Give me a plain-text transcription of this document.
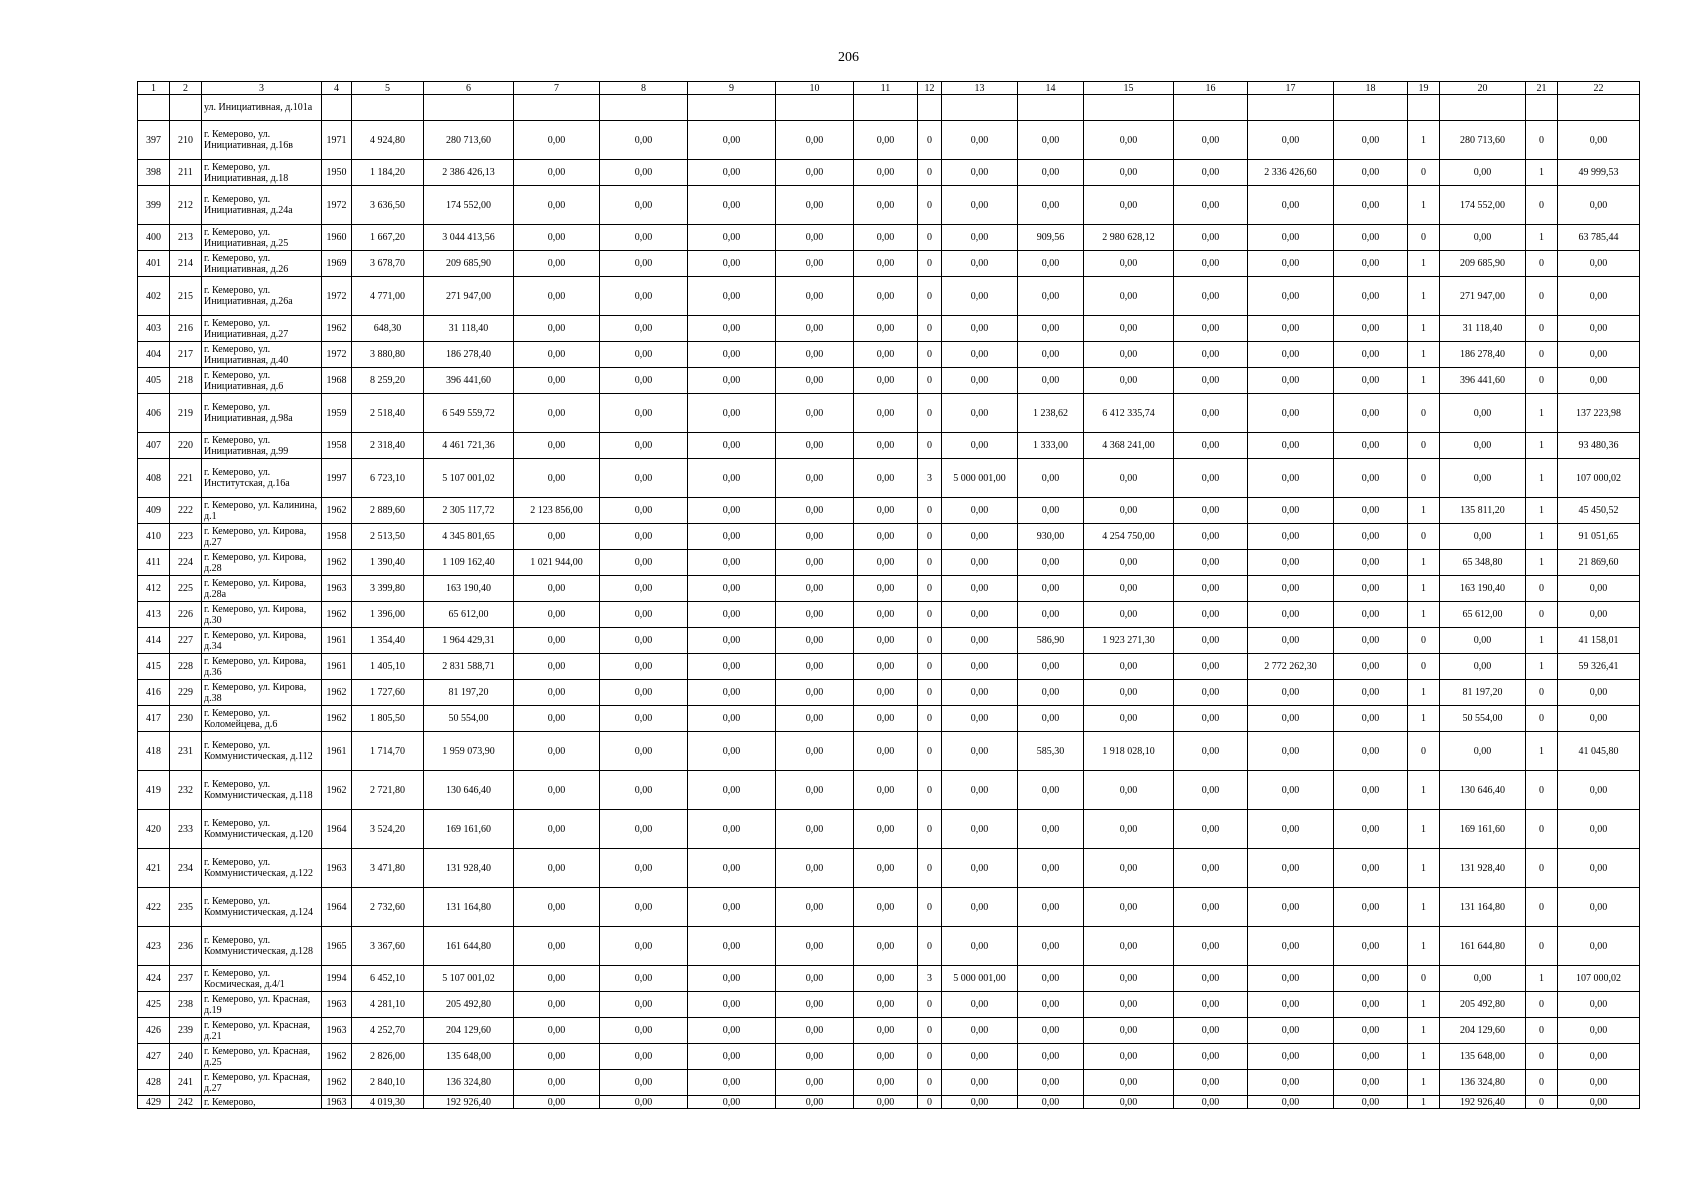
206
1	2	3	4	5	6	7	8	9	10	11	12	13	14	15	16	17	18	19	20	21	22
		ул. Инициативная, д.101а																			
397	210	г. Кемерово, ул. Инициативная, д.16в	1971	4 924,80	280 713,60	0,00	0,00	0,00	0,00	0,00	0	0,00	0,00	0,00	0,00	0,00	0,00	1	280 713,60	0	0,00
398	211	г. Кемерово, ул. Инициативная, д.18	1950	1 184,20	2 386 426,13	0,00	0,00	0,00	0,00	0,00	0	0,00	0,00	0,00	0,00	2 336 426,60	0,00	0	0,00	1	49 999,53
399	212	г. Кемерово, ул. Инициативная, д.24а	1972	3 636,50	174 552,00	0,00	0,00	0,00	0,00	0,00	0	0,00	0,00	0,00	0,00	0,00	0,00	1	174 552,00	0	0,00
400	213	г. Кемерово, ул. Инициативная, д.25	1960	1 667,20	3 044 413,56	0,00	0,00	0,00	0,00	0,00	0	0,00	909,56	2 980 628,12	0,00	0,00	0,00	0	0,00	1	63 785,44
401	214	г. Кемерово, ул. Инициативная, д.26	1969	3 678,70	209 685,90	0,00	0,00	0,00	0,00	0,00	0	0,00	0,00	0,00	0,00	0,00	0,00	1	209 685,90	0	0,00
402	215	г. Кемерово, ул. Инициативная, д.26а	1972	4 771,00	271 947,00	0,00	0,00	0,00	0,00	0,00	0	0,00	0,00	0,00	0,00	0,00	0,00	1	271 947,00	0	0,00
403	216	г. Кемерово, ул. Инициативная, д.27	1962	648,30	31 118,40	0,00	0,00	0,00	0,00	0,00	0	0,00	0,00	0,00	0,00	0,00	0,00	1	31 118,40	0	0,00
404	217	г. Кемерово, ул. Инициативная, д.40	1972	3 880,80	186 278,40	0,00	0,00	0,00	0,00	0,00	0	0,00	0,00	0,00	0,00	0,00	0,00	1	186 278,40	0	0,00
405	218	г. Кемерово, ул. Инициативная, д.6	1968	8 259,20	396 441,60	0,00	0,00	0,00	0,00	0,00	0	0,00	0,00	0,00	0,00	0,00	0,00	1	396 441,60	0	0,00
406	219	г. Кемерово, ул. Инициативная, д.98а	1959	2 518,40	6 549 559,72	0,00	0,00	0,00	0,00	0,00	0	0,00	1 238,62	6 412 335,74	0,00	0,00	0,00	0	0,00	1	137 223,98
407	220	г. Кемерово, ул. Инициативная, д.99	1958	2 318,40	4 461 721,36	0,00	0,00	0,00	0,00	0,00	0	0,00	1 333,00	4 368 241,00	0,00	0,00	0,00	0	0,00	1	93 480,36
408	221	г. Кемерово, ул. Институтская, д.16а	1997	6 723,10	5 107 001,02	0,00	0,00	0,00	0,00	0,00	3	5 000 001,00	0,00	0,00	0,00	0,00	0,00	0	0,00	1	107 000,02
409	222	г. Кемерово, ул. Калинина, д.1	1962	2 889,60	2 305 117,72	2 123 856,00	0,00	0,00	0,00	0,00	0	0,00	0,00	0,00	0,00	0,00	0,00	1	135 811,20	1	45 450,52
410	223	г. Кемерово, ул. Кирова, д.27	1958	2 513,50	4 345 801,65	0,00	0,00	0,00	0,00	0,00	0	0,00	930,00	4 254 750,00	0,00	0,00	0,00	0	0,00	1	91 051,65
411	224	г. Кемерово, ул. Кирова, д.28	1962	1 390,40	1 109 162,40	1 021 944,00	0,00	0,00	0,00	0,00	0	0,00	0,00	0,00	0,00	0,00	0,00	1	65 348,80	1	21 869,60
412	225	г. Кемерово, ул. Кирова, д.28а	1963	3 399,80	163 190,40	0,00	0,00	0,00	0,00	0,00	0	0,00	0,00	0,00	0,00	0,00	0,00	1	163 190,40	0	0,00
413	226	г. Кемерово, ул. Кирова, д.30	1962	1 396,00	65 612,00	0,00	0,00	0,00	0,00	0,00	0	0,00	0,00	0,00	0,00	0,00	0,00	1	65 612,00	0	0,00
414	227	г. Кемерово, ул. Кирова, д.34	1961	1 354,40	1 964 429,31	0,00	0,00	0,00	0,00	0,00	0	0,00	586,90	1 923 271,30	0,00	0,00	0,00	0	0,00	1	41 158,01
415	228	г. Кемерово, ул. Кирова, д.36	1961	1 405,10	2 831 588,71	0,00	0,00	0,00	0,00	0,00	0	0,00	0,00	0,00	0,00	2 772 262,30	0,00	0	0,00	1	59 326,41
416	229	г. Кемерово, ул. Кирова, д.38	1962	1 727,60	81 197,20	0,00	0,00	0,00	0,00	0,00	0	0,00	0,00	0,00	0,00	0,00	0,00	1	81 197,20	0	0,00
417	230	г. Кемерово, ул. Коломейцева, д.6	1962	1 805,50	50 554,00	0,00	0,00	0,00	0,00	0,00	0	0,00	0,00	0,00	0,00	0,00	0,00	1	50 554,00	0	0,00
418	231	г. Кемерово, ул. Коммунистическая, д.112	1961	1 714,70	1 959 073,90	0,00	0,00	0,00	0,00	0,00	0	0,00	585,30	1 918 028,10	0,00	0,00	0,00	0	0,00	1	41 045,80
419	232	г. Кемерово, ул. Коммунистическая, д.118	1962	2 721,80	130 646,40	0,00	0,00	0,00	0,00	0,00	0	0,00	0,00	0,00	0,00	0,00	0,00	1	130 646,40	0	0,00
420	233	г. Кемерово, ул. Коммунистическая, д.120	1964	3 524,20	169 161,60	0,00	0,00	0,00	0,00	0,00	0	0,00	0,00	0,00	0,00	0,00	0,00	1	169 161,60	0	0,00
421	234	г. Кемерово, ул. Коммунистическая, д.122	1963	3 471,80	131 928,40	0,00	0,00	0,00	0,00	0,00	0	0,00	0,00	0,00	0,00	0,00	0,00	1	131 928,40	0	0,00
422	235	г. Кемерово, ул. Коммунистическая, д.124	1964	2 732,60	131 164,80	0,00	0,00	0,00	0,00	0,00	0	0,00	0,00	0,00	0,00	0,00	0,00	1	131 164,80	0	0,00
423	236	г. Кемерово, ул. Коммунистическая, д.128	1965	3 367,60	161 644,80	0,00	0,00	0,00	0,00	0,00	0	0,00	0,00	0,00	0,00	0,00	0,00	1	161 644,80	0	0,00
424	237	г. Кемерово, ул. Космическая, д.4/1	1994	6 452,10	5 107 001,02	0,00	0,00	0,00	0,00	0,00	3	5 000 001,00	0,00	0,00	0,00	0,00	0,00	0	0,00	1	107 000,02
425	238	г. Кемерово, ул. Красная, д.19	1963	4 281,10	205 492,80	0,00	0,00	0,00	0,00	0,00	0	0,00	0,00	0,00	0,00	0,00	0,00	1	205 492,80	0	0,00
426	239	г. Кемерово, ул. Красная, д.21	1963	4 252,70	204 129,60	0,00	0,00	0,00	0,00	0,00	0	0,00	0,00	0,00	0,00	0,00	0,00	1	204 129,60	0	0,00
427	240	г. Кемерово, ул. Красная, д.25	1962	2 826,00	135 648,00	0,00	0,00	0,00	0,00	0,00	0	0,00	0,00	0,00	0,00	0,00	0,00	1	135 648,00	0	0,00
428	241	г. Кемерово, ул. Красная, д.27	1962	2 840,10	136 324,80	0,00	0,00	0,00	0,00	0,00	0	0,00	0,00	0,00	0,00	0,00	0,00	1	136 324,80	0	0,00
429	242	г. Кемерово,	1963	4 019,30	192 926,40	0,00	0,00	0,00	0,00	0,00	0	0,00	0,00	0,00	0,00	0,00	0,00	1	192 926,40	0	0,00
